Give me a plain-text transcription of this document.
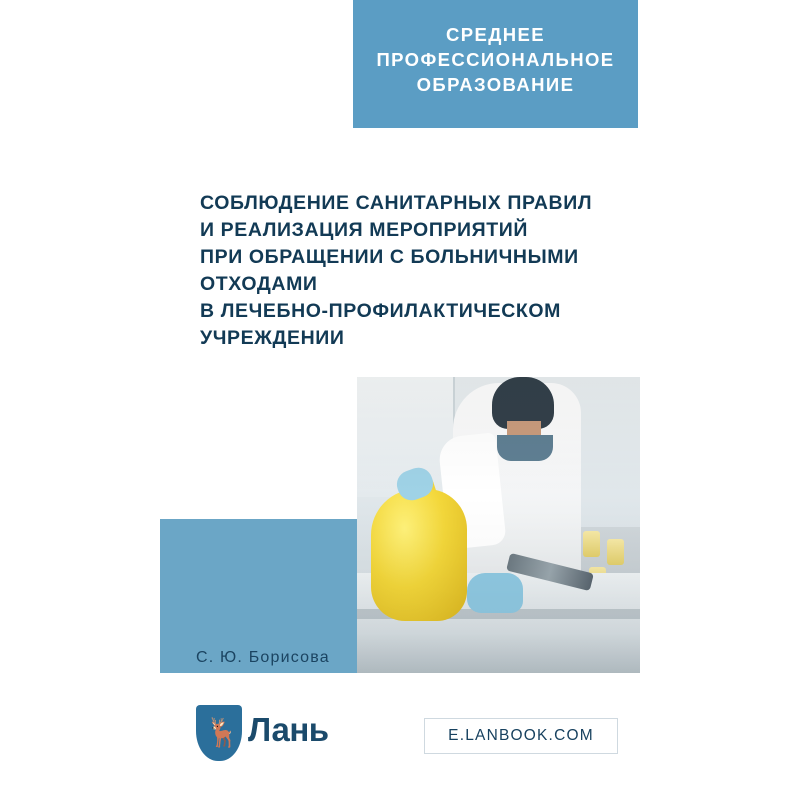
СРЕДНЕЕ
ПРОФЕССИОНАЛЬНОЕ
ОБРАЗОВАНИЕ
СОБЛЮДЕНИЕ САНИТАРНЫХ ПРАВИЛ
И РЕАЛИЗАЦИЯ МЕРОПРИЯТИЙ
ПРИ ОБРАЩЕНИИ С БОЛЬНИЧНЫМИ
ОТХОДАМИ
В ЛЕЧЕБНО-ПРОФИЛАКТИЧЕСКОМ
УЧРЕЖДЕНИИ
С. Ю. Борисова
🦌 Лань	E.LANBOOK.COM
